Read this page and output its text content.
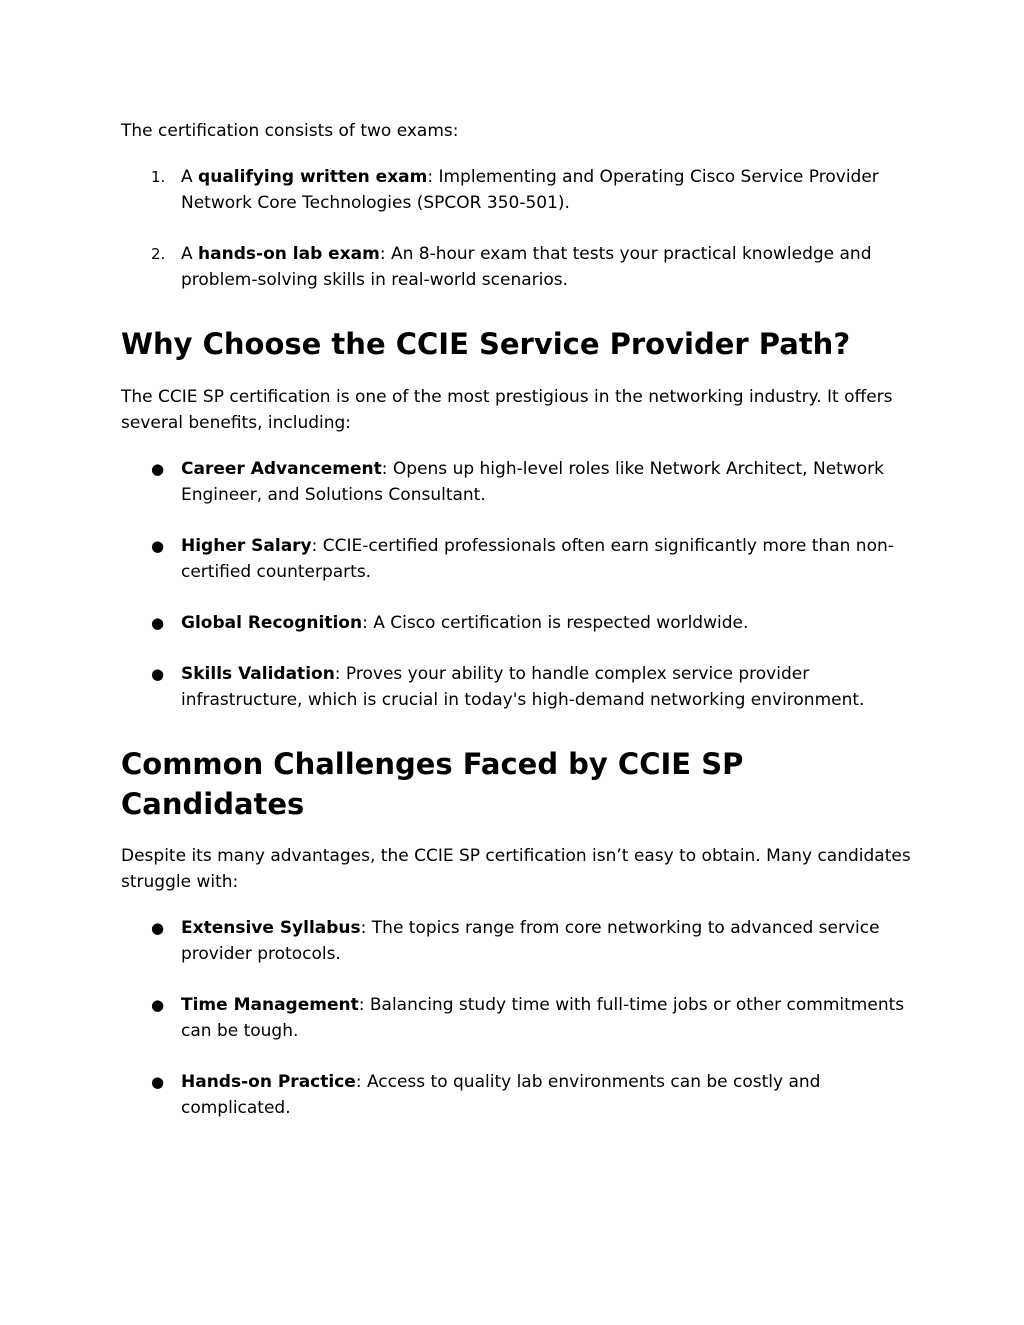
The certification consists of two exams:

1. A qualifying written exam: Implementing and Operating Cisco Service Provider Network Core Technologies (SPCOR 350-501).
2. A hands-on lab exam: An 8-hour exam that tests your practical knowledge and problem-solving skills in real-world scenarios.
Why Choose the CCIE Service Provider Path?

The CCIE SP certification is one of the most prestigious in the networking industry. It offers several benefits, including:

● Career Advancement: Opens up high-level roles like Network Architect, Network Engineer, and Solutions Consultant.
● Higher Salary: CCIE-certified professionals often earn significantly more than non-certified counterparts.
● Global Recognition: A Cisco certification is respected worldwide.
● Skills Validation: Proves your ability to handle complex service provider infrastructure, which is crucial in today's high-demand networking environment.
Common Challenges Faced by CCIE SP Candidates

Despite its many advantages, the CCIE SP certification isn’t easy to obtain. Many candidates struggle with:

● Extensive Syllabus: The topics range from core networking to advanced service provider protocols.
● Time Management: Balancing study time with full-time jobs or other commitments can be tough.
● Hands-on Practice: Access to quality lab environments can be costly and complicated.
